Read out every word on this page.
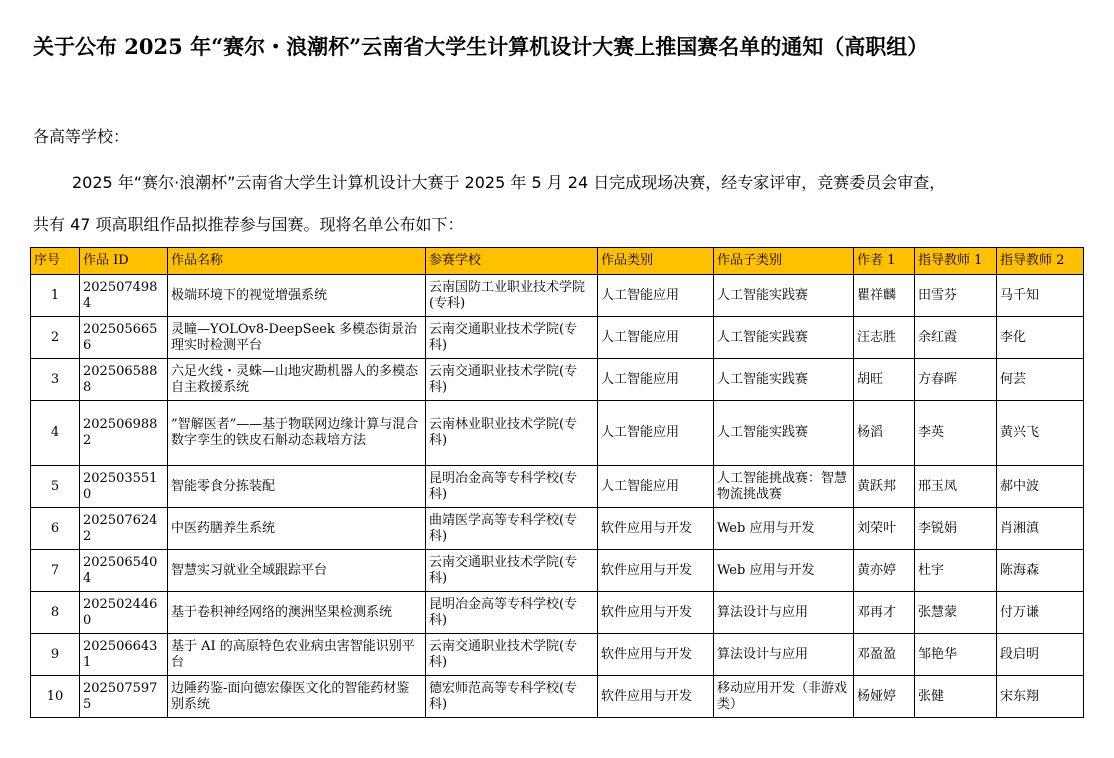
关于公布 2025 年“赛尔・浪潮杯”云南省大学生计算机设计大赛上推国赛名单的通知（高职组）
各高等学校：
2025 年“赛尔·浪潮杯”云南省大学生计算机设计大赛于 2025 年 5 月 24 日完成现场决赛，经专家评审，竞赛委员会审查，
共有 47 项高职组作品拟推荐参与国赛。现将名单公布如下：
序号	作品 ID	作品名称	参赛学校	作品类别	作品子类别	作者 1	指导教师 1	指导教师 2
1	2025074984	极端环境下的视觉增强系统	云南国防工业职业技术学院(专科)	人工智能应用	人工智能实践赛	瞿祥麟	田雪芬	马千知
2	2025056656	灵瞳—YOLOv8-DeepSeek 多模态街景治理实时检测平台	云南交通职业技术学院(专科)	人工智能应用	人工智能实践赛	汪志胜	余红霞	李化
3	2025065888	六足火线・灵蛛—山地灾勘机器人的多模态自主救援系统	云南交通职业技术学院(专科)	人工智能应用	人工智能实践赛	胡旺	方春晖	何芸
4	2025069882	”智解医者”——基于物联网边缘计算与混合数字孪生的铁皮石斛动态栽培方法	云南林业职业技术学院(专科)	人工智能应用	人工智能实践赛	杨滔	李英	黄兴飞
5	2025035510	智能零食分拣装配	昆明冶金高等专科学校(专科)	人工智能应用	人工智能挑战赛：智慧物流挑战赛	黄跃邦	邢玉凤	郝中波
6	2025076242	中医药膳养生系统	曲靖医学高等专科学校(专科)	软件应用与开发	Web 应用与开发	刘荣叶	李锐娟	肖湘滇
7	2025065404	智慧实习就业全域跟踪平台	云南交通职业技术学院(专科)	软件应用与开发	Web 应用与开发	黄亦婷	杜宇	陈海森
8	2025024460	基于卷积神经网络的澳洲坚果检测系统	昆明冶金高等专科学校(专科)	软件应用与开发	算法设计与应用	邓再才	张慧蒙	付万谦
9	2025066431	基于 AI 的高原特色农业病虫害智能识别平台	云南交通职业技术学院(专科)	软件应用与开发	算法设计与应用	邓盈盈	邹艳华	段启明
10	2025075975	边陲药鉴-面向德宏傣医文化的智能药材鉴别系统	德宏师范高等专科学校(专科)	软件应用与开发	移动应用开发（非游戏类）	杨娅婷	张健	宋东翔
